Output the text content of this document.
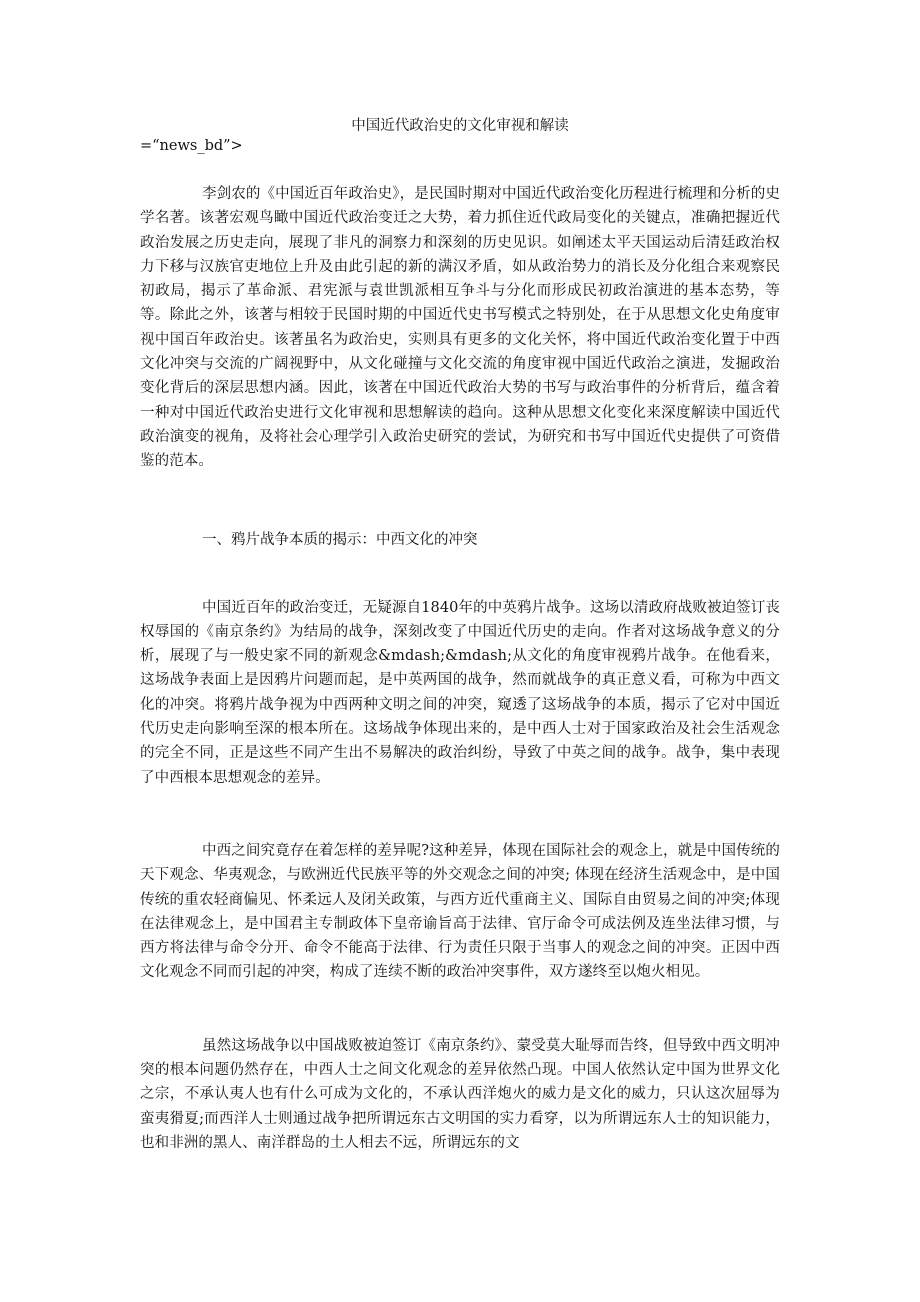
中国近代政治史的文化审视和解读
=“news_bd”>

李剑农的《中国近百年政治史》，是民国时期对中国近代政治变化历程进行梳理和分析的史学名著。该著宏观鸟瞰中国近代政治变迁之大势，着力抓住近代政局变化的关键点，准确把握近代政治发展之历史走向，展现了非凡的洞察力和深刻的历史见识。如阐述太平天国运动后清廷政治权力下移与汉族官吏地位上升及由此引起的新的满汉矛盾，如从政治势力的消长及分化组合来观察民初政局，揭示了革命派、君宪派与袁世凯派相互争斗与分化而形成民初政治演进的基本态势，等等。除此之外，该著与相较于民国时期的中国近代史书写模式之特别处，在于从思想文化史角度审视中国百年政治史。该著虽名为政治史，实则具有更多的文化关怀，将中国近代政治变化置于中西文化冲突与交流的广阔视野中，从文化碰撞与文化交流的角度审视中国近代政治之演进，发掘政治变化背后的深层思想内涵。因此，该著在中国近代政治大势的书写与政治事件的分析背后，蕴含着一种对中国近代政治史进行文化审视和思想解读的趋向。这种从思想文化变化来深度解读中国近代政治演变的视角，及将社会心理学引入政治史研究的尝试，为研究和书写中国近代史提供了可资借鉴的范本。

一、鸦片战争本质的揭示：中西文化的冲突

中国近百年的政治变迁，无疑源自1840年的中英鸦片战争。这场以清政府战败被迫签订丧权辱国的《南京条约》为结局的战争，深刻改变了中国近代历史的走向。作者对这场战争意义的分析，展现了与一般史家不同的新观念&mdash;&mdash;从文化的角度审视鸦片战争。在他看来，这场战争表面上是因鸦片问题而起，是中英两国的战争，然而就战争的真正意义看，可称为中西文化的冲突。将鸦片战争视为中西两种文明之间的冲突，窥透了这场战争的本质，揭示了它对中国近代历史走向影响至深的根本所在。这场战争体现出来的，是中西人士对于国家政治及社会生活观念的完全不同，正是这些不同产生出不易解决的政治纠纷，导致了中英之间的战争。战争，集中表现了中西根本思想观念的差异。

中西之间究竟存在着怎样的差异呢?这种差异，体现在国际社会的观念上，就是中国传统的天下观念、华夷观念，与欧洲近代民族平等的外交观念之间的冲突; 体现在经济生活观念中，是中国传统的重农轻商偏见、怀柔远人及闭关政策，与西方近代重商主义、国际自由贸易之间的冲突;体现在法律观念上，是中国君主专制政体下皇帝谕旨高于法律、官厅命令可成法例及连坐法律习惯，与西方将法律与命令分开、命令不能高于法律、行为责任只限于当事人的观念之间的冲突。正因中西文化观念不同而引起的冲突，构成了连续不断的政治冲突事件，双方遂终至以炮火相见。

虽然这场战争以中国战败被迫签订《南京条约》、蒙受莫大耻辱而告终，但导致中西文明冲突的根本问题仍然存在，中西人士之间文化观念的差异依然凸现。中国人依然认定中国为世界文化之宗，不承认夷人也有什么可成为文化的，不承认西洋炮火的威力是文化的威力，只认这次屈辱为蛮夷猾夏;而西洋人士则通过战争把所谓远东古文明国的实力看穿，以为所谓远东人士的知识能力，也和非洲的黑人、南洋群岛的土人相去不远，所谓远东的文
